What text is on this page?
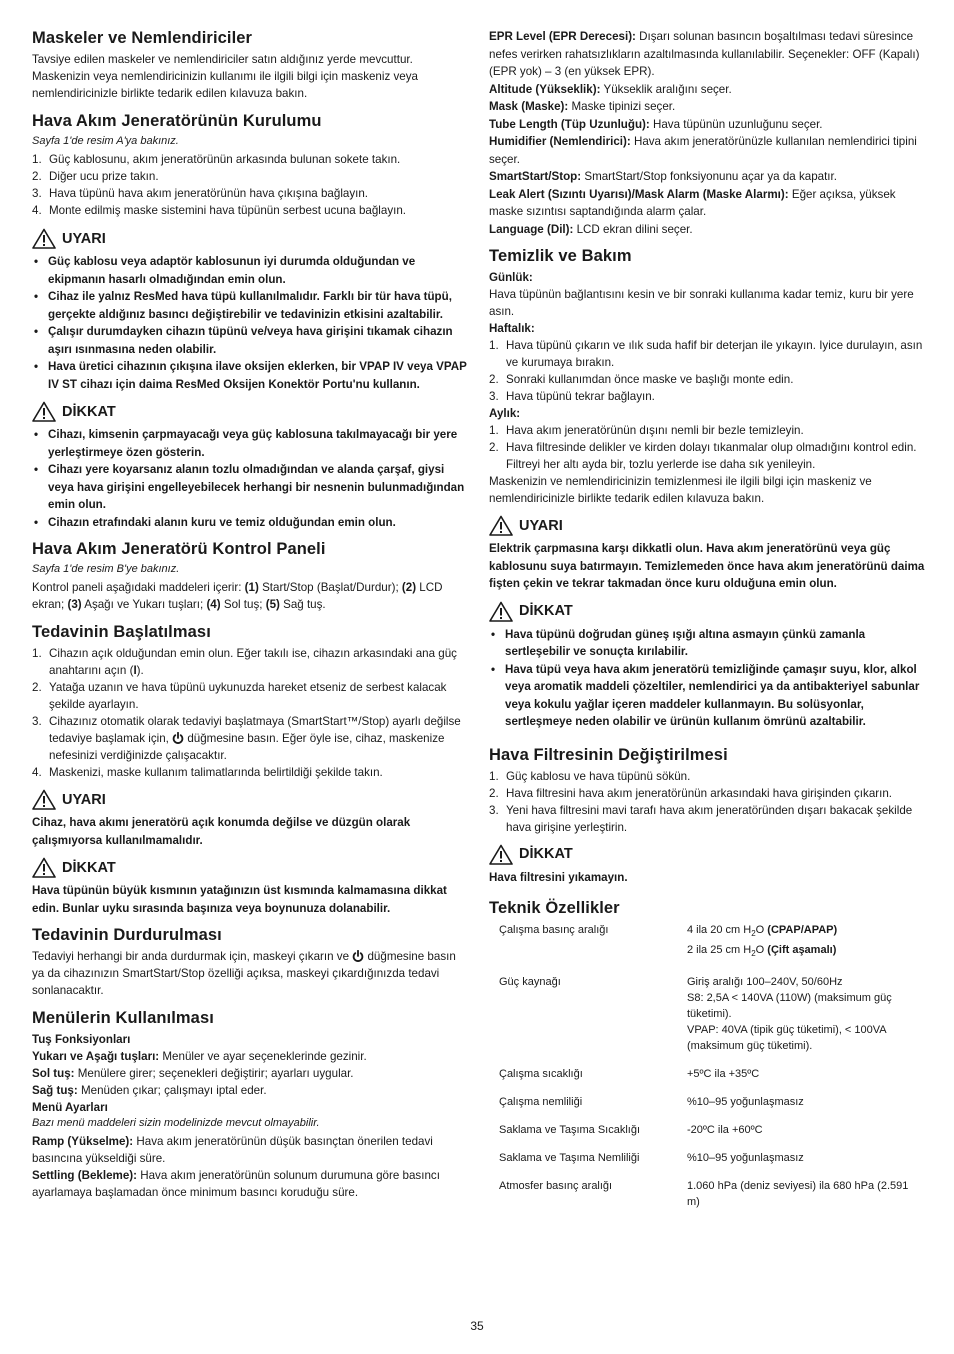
Maskeler ve Nemlendiriciler

Tavsiye edilen maskeler ve nemlendiriciler satın aldığınız yerde mevcuttur. Maskenizin veya nemlendiricinizin kullanımı ile ilgili bilgi için maskeniz veya nemlendiricinizle birlikte tedarik edilen kılavuza bakın.

Hava Akım Jeneratörünün Kurulumu

Sayfa 1'de resim A'ya bakınız.

1. Güç kablosunu, akım jeneratörünün arkasında bulunan sokete takın.
2. Diğer ucu prize takın.
3. Hava tüpünü hava akım jeneratörünün hava çıkışına bağlayın.
4. Monte edilmiş maske sistemini hava tüpünün serbest ucuna bağlayın.
UYARI
• Güç kablosu veya adaptör kablosunun iyi durumda olduğundan ve ekipmanın hasarlı olmadığından emin olun.
• Cihaz ile yalnız ResMed hava tüpü kullanılmalıdır. Farklı bir tür hava tüpü, gerçekte aldığınız basıncı değiştirebilir ve tedavinizin etkisini azaltabilir.
• Çalışır durumdayken cihazın tüpünü ve/veya hava girişini tıkamak cihazın aşırı ısınmasına neden olabilir.
• Hava üretici cihazının çıkışına ilave oksijen eklerken, bir VPAP IV veya VPAP IV ST cihazı için daima ResMed Oksijen Konektör Portu'nu kullanın.
DİKKAT
• Cihazı, kimsenin çarpmayacağı veya güç kablosuna takılmayacağı bir yere yerleştirmeye özen gösterin.
• Cihazı yere koyarsanız alanın tozlu olmadığından ve alanda çarşaf, giysi veya hava girişini engelleyebilecek herhangi bir nesnenin bulunmadığından emin olun.
• Cihazın etrafındaki alanın kuru ve temiz olduğundan emin olun.
Hava Akım Jeneratörü Kontrol Paneli

Sayfa 1'de resim B'ye bakınız.

Kontrol paneli aşağıdaki maddeleri içerir: (1) Start/Stop (Başlat/Durdur); (2) LCD ekran; (3) Aşağı ve Yukarı tuşları; (4) Sol tuş; (5) Sağ tuş.

Tedavinin Başlatılması
1. Cihazın açık olduğundan emin olun. Eğer takılı ise, cihazın arkasındaki ana güç anahtarını açın (I).
2. Yatağa uzanın ve hava tüpünü uykunuzda hareket etseniz de serbest kalacak şekilde ayarlayın.
3. Cihazınız otomatik olarak tedaviyi başlatmaya (SmartStart™/Stop) ayarlı değilse tedaviye başlamak için,  düğmesine basın. Eğer öyle ise, cihaz, maskenize nefesinizi verdiğinizde çalışacaktır.
4. Maskenizi, maske kullanım talimatlarında belirtildiği şekilde takın.
UYARI

Cihaz, hava akımı jeneratörü açık konumda değilse ve düzgün olarak çalışmıyorsa kullanılmamalıdır.

DİKKAT

Hava tüpünün büyük kısmının yatağınızın üst kısmında kalmamasına dikkat edin. Bunlar uyku sırasında başınıza veya boynunuza dolanabilir.

Tedavinin Durdurulması

Tedaviyi herhangi bir anda durdurmak için, maskeyi çıkarın ve  düğmesine basın ya da cihazınızın SmartStart/Stop özelliği açıksa, maskeyi çıkardığınızda tedavi sonlanacaktır.

Menülerin Kullanılması

Tuş Fonksiyonları

Yukarı ve Aşağı tuşları: Menüler ve ayar seçeneklerinde gezinir.

Sol tuş: Menülere girer; seçenekleri değiştirir; ayarları uygular.

Sağ tuş: Menüden çıkar; çalışmayı iptal eder.

Menü Ayarları

Bazı menü maddeleri sizin modelinizde mevcut olmayabilir.

Ramp (Yükselme): Hava akım jeneratörünün düşük basınçtan önerilen tedavi basıncına yükseldiği süre.

Settling (Bekleme): Hava akım jeneratörünün solunum durumuna göre basıncı ayarlamaya başlamadan önce minimum basıncı koruduğu süre.

EPR Level (EPR Derecesi): Dışarı solunan basıncın boşaltılması tedavi süresince nefes verirken rahatsızlıkların azaltılmasında kullanılabilir. Seçenekler: OFF (Kapalı) (EPR yok) – 3 (en yüksek EPR).

Altitude (Yükseklik): Yükseklik aralığını seçer.

Mask (Maske): Maske tipinizi seçer.

Tube Length (Tüp Uzunluğu): Hava tüpünün uzunluğunu seçer.

Humidifier (Nemlendirici): Hava akım jeneratörünüzle kullanılan nemlendirici tipini seçer.

SmartStart/Stop: SmartStart/Stop fonksiyonunu açar ya da kapatır.

Leak Alert (Sızıntı Uyarısı)/Mask Alarm (Maske Alarmı): Eğer açıksa, yüksek maske sızıntısı saptandığında alarm çalar.

Language (Dil): LCD ekran dilini seçer.

Temizlik ve Bakım

Günlük:

Hava tüpünün bağlantısını kesin ve bir sonraki kullanıma kadar temiz, kuru bir yere asın.

Haftalık:

1. Hava tüpünü çıkarın ve ılık suda hafif bir deterjan ile yıkayın. Iyice durulayın, asın ve kurumaya bırakın.
2. Sonraki kullanımdan önce maske ve başlığı monte edin.
3. Hava tüpünü tekrar bağlayın.

Aylık:

1. Hava akım jeneratörünün dışını nemli bir bezle temizleyin.
2. Hava filtresinde delikler ve kirden dolayı tıkanmalar olup olmadığını kontrol edin. Filtreyi her altı ayda bir, tozlu yerlerde ise daha sık yenileyin.

Maskenizin ve nemlendiricinizin temizlenmesi ile ilgili bilgi için maskeniz ve nemlendiricinizle birlikte tedarik edilen kılavuza bakın.

UYARI

Elektrik çarpmasına karşı dikkatli olun. Hava akım jeneratörünü veya güç kablosunu suya batırmayın. Temizlemeden önce hava akım jeneratörünü daima fişten çekin ve tekrar takmadan önce kuru olduğuna emin olun.

DİKKAT
• Hava tüpünü doğrudan güneş ışığı altına asmayın çünkü zamanla sertleşebilir ve sonuçta kırılabilir.
• Hava tüpü veya hava akım jeneratörü temizliğinde çamaşır suyu, klor, alkol veya aromatik maddeli çözeltiler, nemlendirici ya da antibakteriyel sabunlar veya kokulu yağlar içeren maddeler kullanmayın. Bu solüsyonlar, sertleşmeye neden olabilir ve ürünün kullanım ömrünü azaltabilir.
Hava Filtresinin Değiştirilmesi
1. Güç kablosu ve hava tüpünü sökün.
2. Hava filtresini hava akım jeneratörünün arkasındaki hava girişinden çıkarın.
3. Yeni hava filtresini mavi tarafı hava akım jeneratöründen dışarı bakacak şekilde hava girişine yerleştirin.
DİKKAT

Hava filtresini yıkamayın.

Teknik Özellikler
Çalışma basınç aralığı	4 ila 20 cm $H_2O$ (CPAP/APAP)
2 ila 25 cm $H_2O$ (Çift aşamalı)
Güç kaynağı	Giriş aralığı 100–240V, 50/60Hz
S8: 2,5A < 140VA (110W) (maksimum güç tüketimi).
VPAP: 40VA (tipik güç tüketimi), < 100VA (maksimum güç tüketimi).
Çalışma sıcaklığı	+5ºC ila +35ºC
Çalışma nemliliği	%10–95 yoğunlaşmasız
Saklama ve Taşıma Sıcaklığı	-20ºC ila +60ºC
Saklama ve Taşıma Nemliliği	%10–95 yoğunlaşmasız
Atmosfer basınç aralığı	1.060 hPa (deniz seviyesi) ila 680 hPa (2.591 m)
35
